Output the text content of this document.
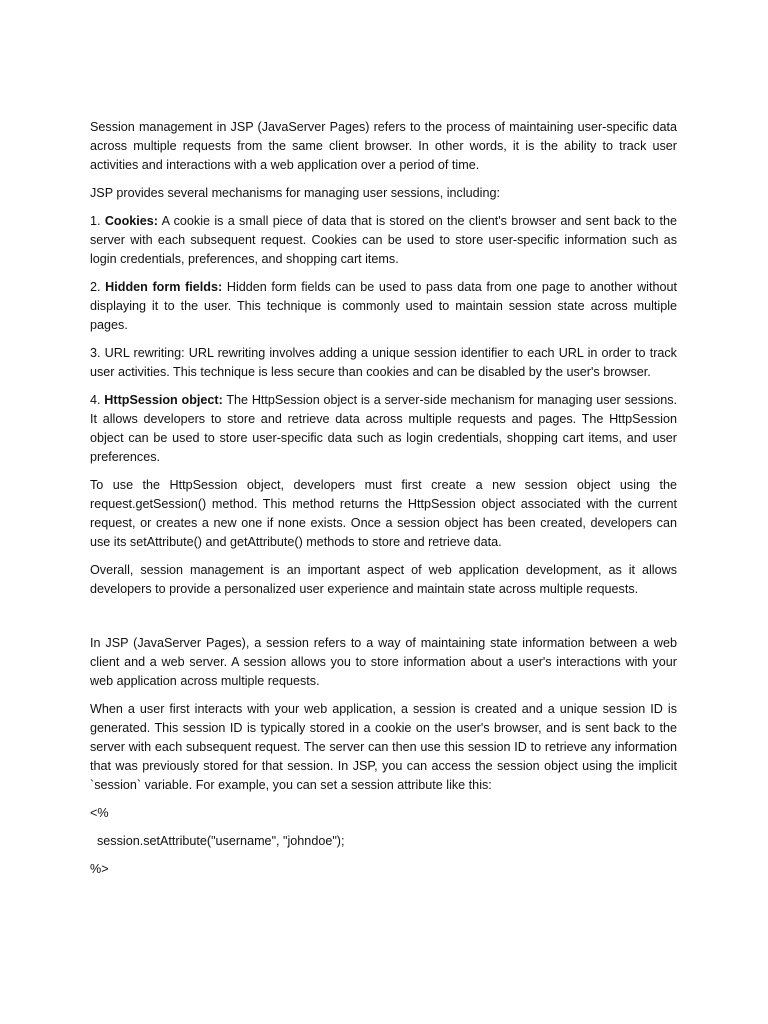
Session management in JSP (JavaServer Pages) refers to the process of maintaining user-specific data across multiple requests from the same client browser. In other words, it is the ability to track user activities and interactions with a web application over a period of time.

JSP provides several mechanisms for managing user sessions, including:

1. Cookies: A cookie is a small piece of data that is stored on the client's browser and sent back to the server with each subsequent request. Cookies can be used to store user-specific information such as login credentials, preferences, and shopping cart items.

2. Hidden form fields: Hidden form fields can be used to pass data from one page to another without displaying it to the user. This technique is commonly used to maintain session state across multiple pages.

3. URL rewriting: URL rewriting involves adding a unique session identifier to each URL in order to track user activities. This technique is less secure than cookies and can be disabled by the user's browser.

4. HttpSession object: The HttpSession object is a server-side mechanism for managing user sessions. It allows developers to store and retrieve data across multiple requests and pages. The HttpSession object can be used to store user-specific data such as login credentials, shopping cart items, and user preferences.

To use the HttpSession object, developers must first create a new session object using the request.getSession() method. This method returns the HttpSession object associated with the current request, or creates a new one if none exists. Once a session object has been created, developers can use its setAttribute() and getAttribute() methods to store and retrieve data.

Overall, session management is an important aspect of web application development, as it allows developers to provide a personalized user experience and maintain state across multiple requests.

In JSP (JavaServer Pages), a session refers to a way of maintaining state information between a web client and a web server. A session allows you to store information about a user's interactions with your web application across multiple requests.

When a user first interacts with your web application, a session is created and a unique session ID is generated. This session ID is typically stored in a cookie on the user's browser, and is sent back to the server with each subsequent request. The server can then use this session ID to retrieve any information that was previously stored for that session. In JSP, you can access the session object using the implicit `session` variable. For example, you can set a session attribute like this:

<%

session.setAttribute("username", "johndoe");

%>
